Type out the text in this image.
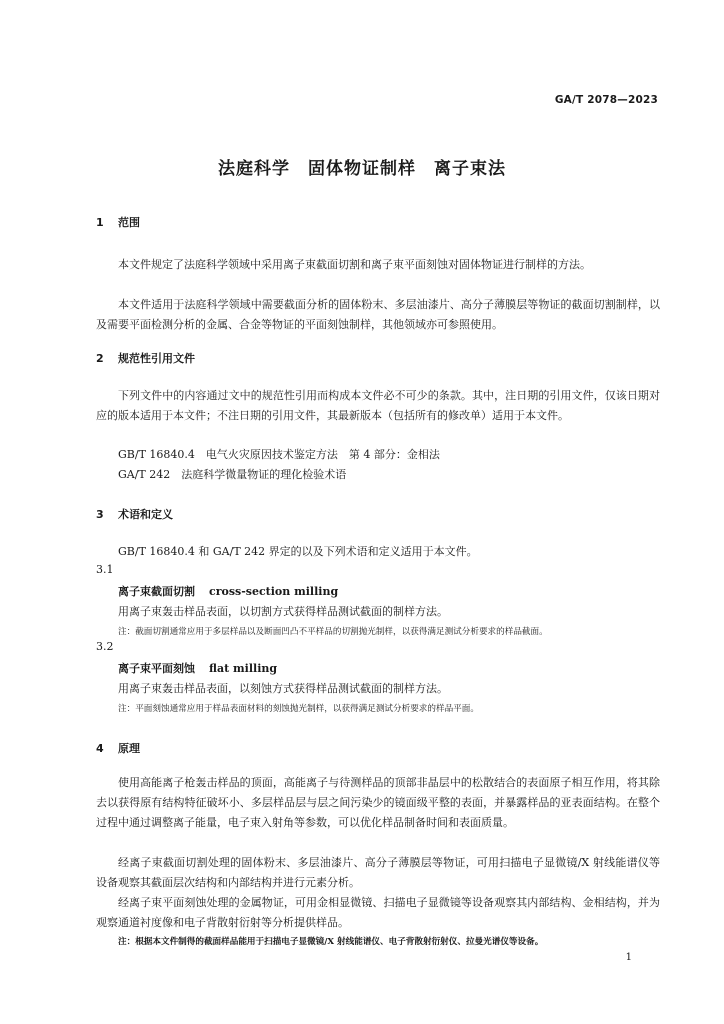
GA/T 2078—2023
法庭科学　固体物证制样　离子束法
1 范围
本文件规定了法庭科学领域中采用离子束截面切割和离子束平面刻蚀对固体物证进行制样的方法。
本文件适用于法庭科学领域中需要截面分析的固体粉末、多层油漆片、高分子薄膜层等物证的截面切割制样，以及需要平面检测分析的金属、合金等物证的平面刻蚀制样，其他领域亦可参照使用。
2 规范性引用文件
下列文件中的内容通过文中的规范性引用而构成本文件必不可少的条款。其中，注日期的引用文件，仅该日期对应的版本适用于本文件；不注日期的引用文件，其最新版本（包括所有的修改单）适用于本文件。
GB/T 16840.4　电气火灾原因技术鉴定方法　第 4 部分：金相法
GA/T 242　法庭科学微量物证的理化检验术语
3 术语和定义
GB/T 16840.4 和 GA/T 242 界定的以及下列术语和定义适用于本文件。
3.1
离子束截面切割 cross-section milling
用离子束轰击样品表面，以切割方式获得样品测试截面的制样方法。
注：截面切割通常应用于多层样品以及断面凹凸不平样品的切割抛光制样，以获得满足测试分析要求的样品截面。
3.2
离子束平面刻蚀 flat milling
用离子束轰击样品表面，以刻蚀方式获得样品测试截面的制样方法。
注：平面刻蚀通常应用于样品表面材料的刻蚀抛光制样，以获得满足测试分析要求的样品平面。
4 原理
使用高能离子枪轰击样品的顶面，高能离子与待测样品的顶部非晶层中的松散结合的表面原子相互作用，将其除去以获得原有结构特征破坏小、多层样品层与层之间污染少的镜面级平整的表面，并暴露样品的亚表面结构。在整个过程中通过调整离子能量，电子束入射角等参数，可以优化样品制备时间和表面质量。
经离子束截面切割处理的固体粉末、多层油漆片、高分子薄膜层等物证，可用扫描电子显微镜/X 射线能谱仪等设备观察其截面层次结构和内部结构并进行元素分析。
经离子束平面刻蚀处理的金属物证，可用金相显微镜、扫描电子显微镜等设备观察其内部结构、金相结构，并为观察通道衬度像和电子背散射衍射等分析提供样品。
注：根据本文件制得的截面样品能用于扫描电子显微镜/X 射线能谱仪、电子背散射衍射仪、拉曼光谱仪等设备。
1
